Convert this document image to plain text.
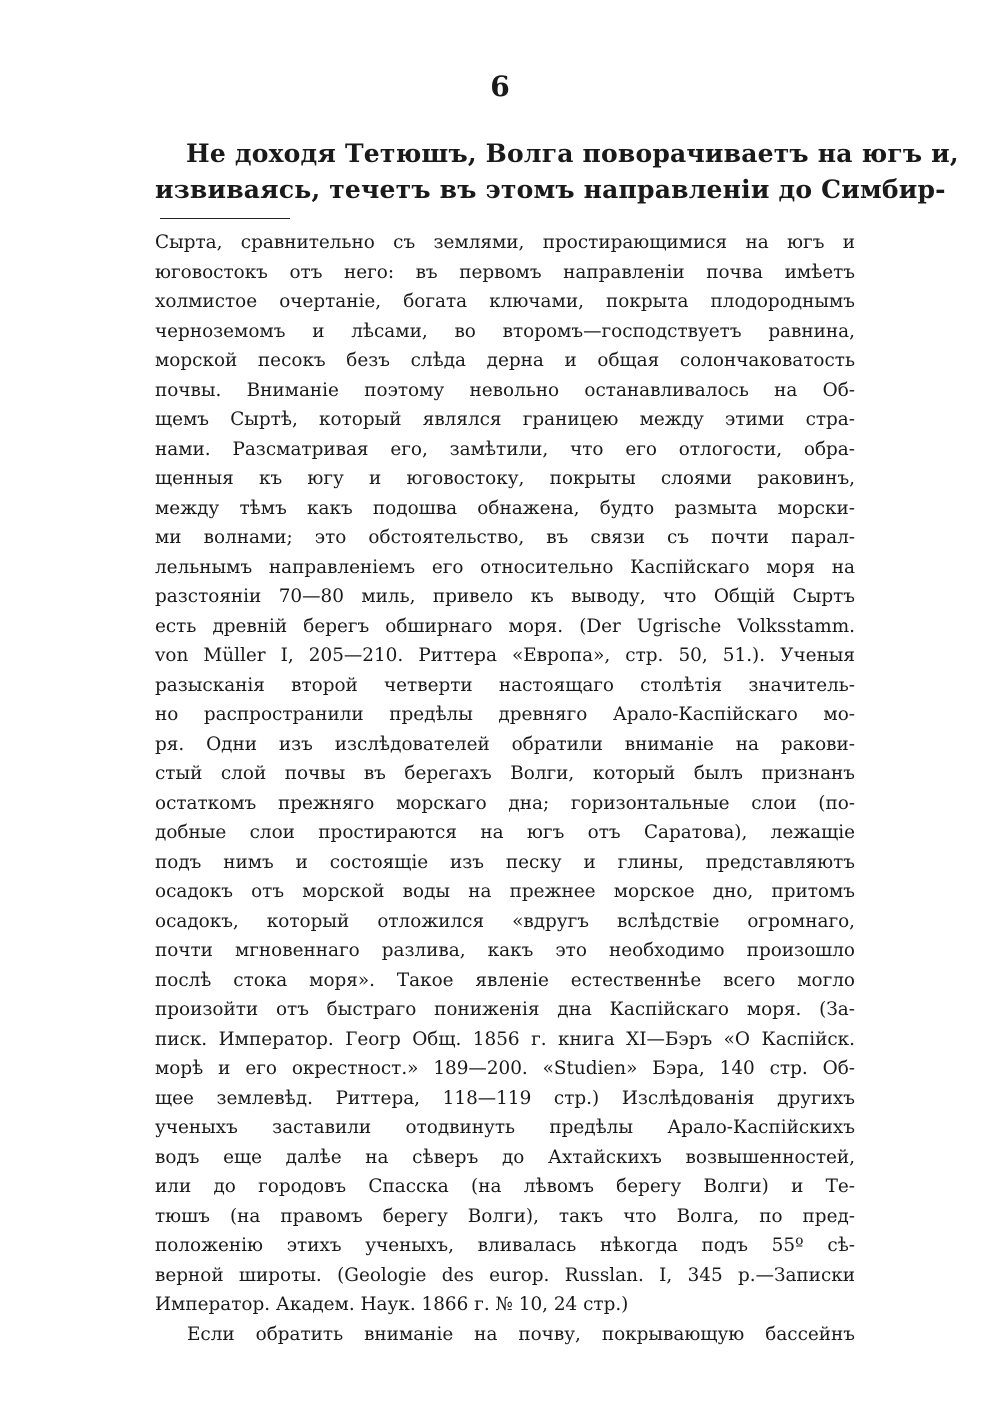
6
Не доходя Тетюшъ, Волга поворачиваетъ на югъ и,
извиваясь, течетъ въ этомъ направленіи до Симбир-
Сырта, сравнительно съ землями, простирающимися на югъ и
юговостокъ отъ него: въ первомъ направленіи почва имѣетъ
холмистое очертаніе, богата ключами, покрыта плодороднымъ
черноземомъ и лѣсами, во второмъ—господствуетъ равнина,
морской песокъ безъ слѣда дерна и общая солончаковатость
почвы. Вниманіе поэтому невольно останавливалось на Об-
щемъ Сыртѣ, который являлся границею между этими стра-
нами. Разсматривая его, замѣтили, что его отлогости, обра-
щенныя къ югу и юговостоку, покрыты слоями раковинъ,
между тѣмъ какъ подошва обнажена, будто размыта морски-
ми волнами; это обстоятельство, въ связи съ почти парал-
лельнымъ направленіемъ его относительно Каспійскаго моря на
разстояніи 70—80 миль, привело къ выводу, что Общій Сыртъ
есть древній берегъ обширнаго моря. (Der Ugrische Volksstamm.
von Müller I, 205—210. Риттера «Европа», стр. 50, 51.). Ученыя
разысканія второй четверти настоящаго столѣтія значитель-
но распространили предѣлы древняго Арало-Каспійскаго мо-
ря. Одни изъ изслѣдователей обратили вниманіе на ракови-
стый слой почвы въ берегахъ Волги, который былъ признанъ
остаткомъ прежняго морскаго дна; горизонтальные слои (по-
добные слои простираются на югъ отъ Саратова), лежащіе
подъ нимъ и состоящіе изъ песку и глины, представляютъ
осадокъ отъ морской воды на прежнее морское дно, притомъ
осадокъ, который отложился «вдругъ вслѣдствіе огромнаго,
почти мгновеннаго разлива, какъ это необходимо произошло
послѣ стока моря». Такое явленіе естественнѣе всего могло
произойти отъ быстраго пониженія дна Каспійскаго моря. (За-
писк. Император. Геогр Общ. 1856 г. книга XI—Бэръ «О Каспійск.
морѣ и его окрестност.» 189—200. «Studien» Бэра, 140 стр. Об-
щее землевѣд. Риттера, 118—119 стр.) Изслѣдованія другихъ
ученыхъ заставили отодвинуть предѣлы Арало-Каспійскихъ
водъ еще далѣе на сѣверъ до Ахтайскихъ возвышенностей,
или до городовъ Спасска (на лѣвомъ берегу Волги) и Те-
тюшъ (на правомъ берегу Волги), такъ что Волга, по пред-
положенію этихъ ученыхъ, вливалась нѣкогда подъ 55º сѣ-
верной широты. (Geologie des europ. Russlan. I, 345 p.—Записки
Император. Академ. Наук. 1866 г. № 10, 24 стр.)
Если обратить вниманіе на почву, покрывающую бассейнъ
